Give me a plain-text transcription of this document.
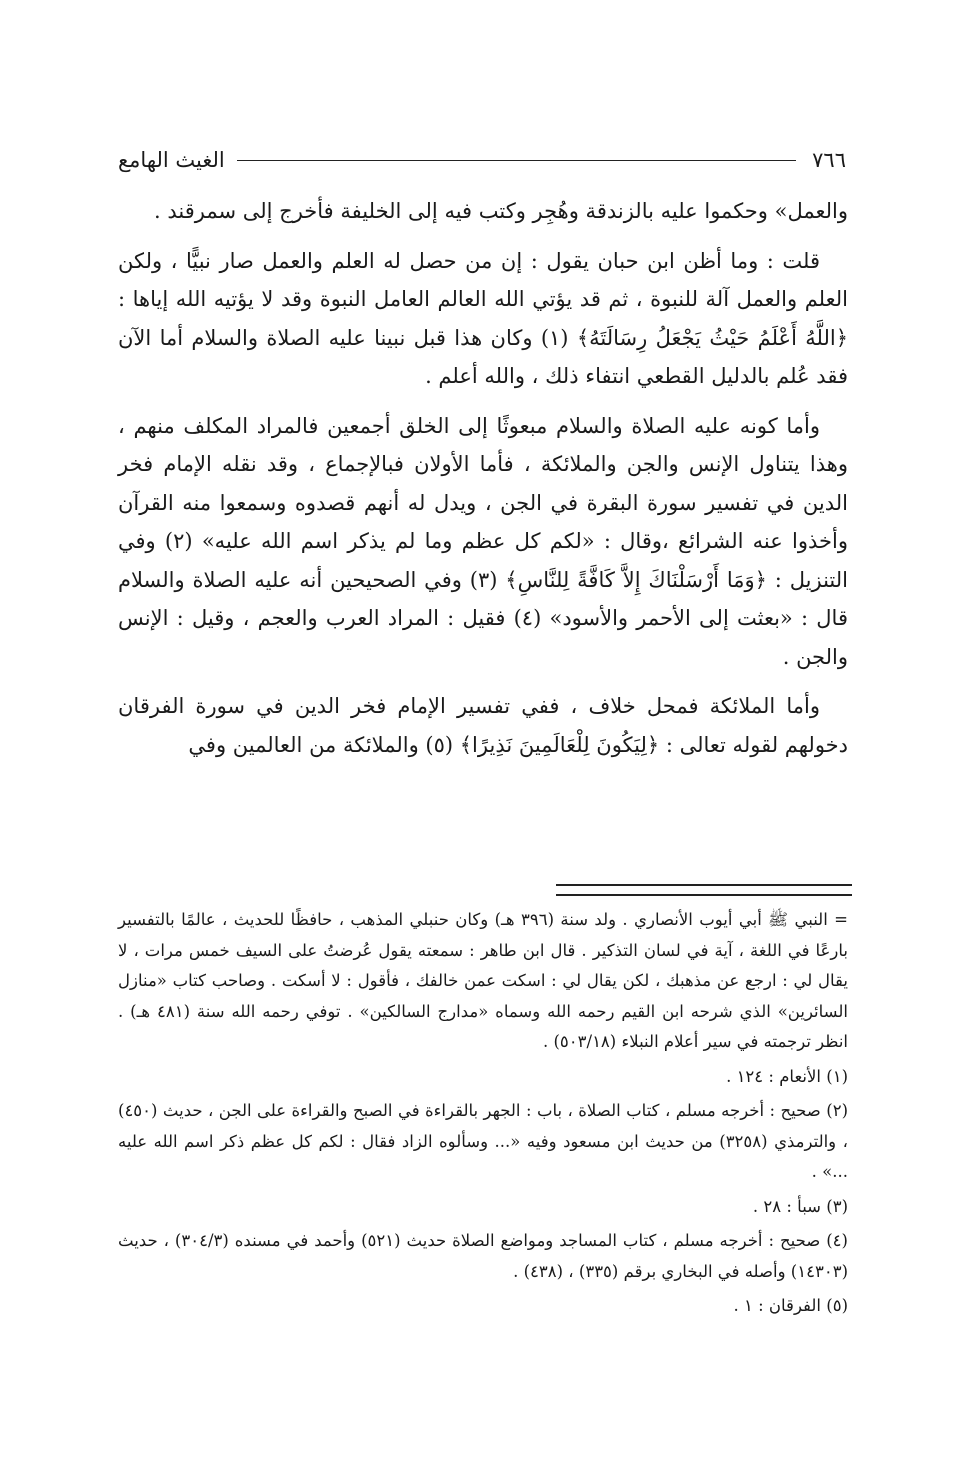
٧٦٦
الغيث الهامع

والعمل» وحكموا عليه بالزندقة وهُجِر وكتب فيه إلى الخليفة فأخرج إلى سمرقند .

قلت : وما أظن ابن حبان يقول : إن من حصل له العلم والعمل صار نبيًّا ، ولكن العلم والعمل آلة للنبوة ، ثم قد يؤتي الله العالم العامل النبوة وقد لا يؤتيه الله إياها : ﴿اللَّهُ أَعْلَمُ حَيْثُ يَجْعَلُ رِسَالَتَهُ﴾ (١) وكان هذا قبل نبينا عليه الصلاة والسلام أما الآن فقد عُلم بالدليل القطعي انتفاء ذلك ، والله أعلم .

وأما كونه عليه الصلاة والسلام مبعوثًا إلى الخلق أجمعين فالمراد المكلف منهم ، وهذا يتناول الإنس والجن والملائكة ، فأما الأولان فبالإجماع ، وقد نقله الإمام فخر الدين في تفسير سورة البقرة في الجن ، ويدل له أنهم قصدوه وسمعوا منه القرآن وأخذوا عنه الشرائع ،وقال : «لكم كل عظم وما لم يذكر اسم الله عليه» (٢) وفي التنزيل : ﴿وَمَا أَرْسَلْنَاكَ إِلاَّ كَافَّةً لِلنَّاسِ﴾ (٣) وفي الصحيحين أنه عليه الصلاة والسلام قال : «بعثت إلى الأحمر والأسود» (٤) فقيل : المراد العرب والعجم ، وقيل : الإنس والجن .

وأما الملائكة فمحل خلاف ، ففي تفسير الإمام فخر الدين في سورة الفرقان دخولهم لقوله تعالى : ﴿لِيَكُونَ لِلْعَالَمِينَ نَذِيرًا﴾ (٥) والملائكة من العالمين وفي

= النبي ﷺ أبي أيوب الأنصاري . ولد سنة (٣٩٦ هـ) وكان حنبلي المذهب ، حافظًا للحديث ، عالمًا بالتفسير بارعًا في اللغة ، آية في لسان التذكير . قال ابن طاهر : سمعته يقول عُرضتُ على السيف خمس مرات ، لا يقال لي : ارجع عن مذهبك ، لكن يقال لي : اسكت عمن خالفك ، فأقول : لا أسكت . وصاحب كتاب «منازل السائرين» الذي شرحه ابن القيم رحمه الله وسماه «مدارج السالكين» . توفي رحمه الله سنة (٤٨١ هـ) . انظر ترجمته في سير أعلام النبلاء (٥٠٣/١٨) .

(١) الأنعام : ١٢٤ .

(٢) صحيح : أخرجه مسلم ، كتاب الصلاة ، باب : الجهر بالقراءة في الصبح والقراءة على الجن ، حديث (٤٥٠) ، والترمذي (٣٢٥٨) من حديث ابن مسعود وفيه «... وسألوه الزاد فقال : لكم كل عظم ذكر اسم الله عليه ...» .

(٣) سبأ : ٢٨ .

(٤) صحيح : أخرجه مسلم ، كتاب المساجد ومواضع الصلاة حديث (٥٢١) وأحمد في مسنده (٣٠٤/٣) ، حديث (١٤٣٠٣) وأصله في البخاري برقم (٣٣٥) ، (٤٣٨) .

(٥) الفرقان : ١ .
